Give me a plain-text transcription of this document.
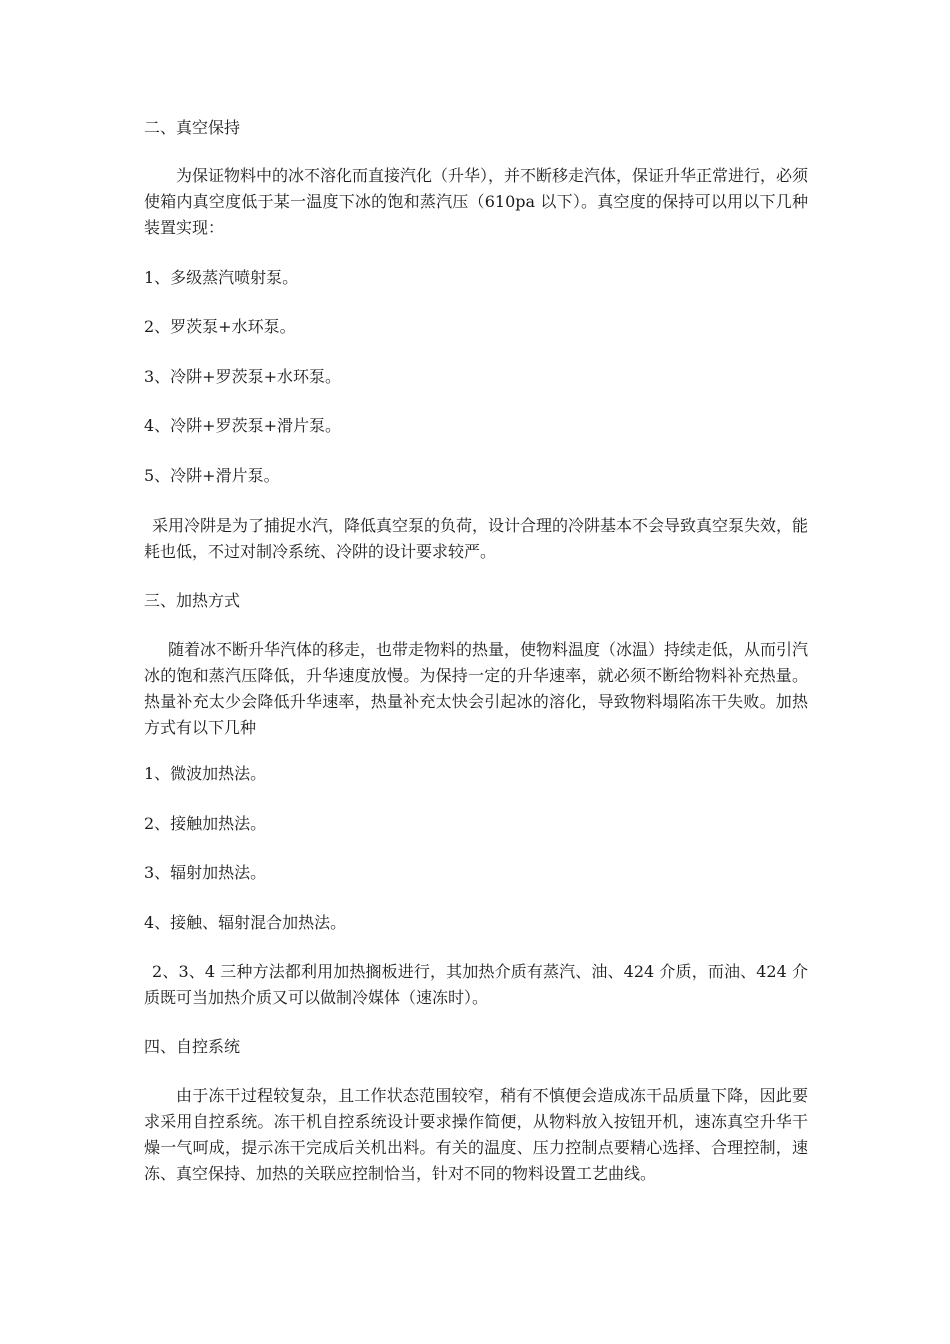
二、真空保持

为保证物料中的冰不溶化而直接汽化（升华），并不断移走汽体，保证升华正常进行，必须使箱内真空度低于某一温度下冰的饱和蒸汽压（610pa 以下）。真空度的保持可以用以下几种装置实现：

1、多级蒸汽喷射泵。

2、罗茨泵+水环泵。

3、冷阱+罗茨泵+水环泵。

4、冷阱+罗茨泵+滑片泵。

5、冷阱+滑片泵。

采用冷阱是为了捕捉水汽，降低真空泵的负荷，设计合理的冷阱基本不会导致真空泵失效，能耗也低，不过对制冷系统、冷阱的设计要求较严。

三、加热方式

随着冰不断升华汽体的移走，也带走物料的热量，使物料温度（冰温）持续走低，从而引汽冰的饱和蒸汽压降低，升华速度放慢。为保持一定的升华速率，就必须不断给物料补充热量。热量补充太少会降低升华速率，热量补充太快会引起冰的溶化，导致物料塌陷冻干失败。加热方式有以下几种

1、微波加热法。

2、接触加热法。

3、辐射加热法。

4、接触、辐射混合加热法。

2、3、4 三种方法都利用加热搁板进行，其加热介质有蒸汽、油、424 介质，而油、424 介质既可当加热介质又可以做制冷媒体（速冻时）。

四、自控系统

由于冻干过程较复杂，且工作状态范围较窄，稍有不慎便会造成冻干品质量下降，因此要求采用自控系统。冻干机自控系统设计要求操作简便，从物料放入按钮开机，速冻真空升华干燥一气呵成，提示冻干完成后关机出料。有关的温度、压力控制点要精心选择、合理控制，速冻、真空保持、加热的关联应控制恰当，针对不同的物料设置工艺曲线。
